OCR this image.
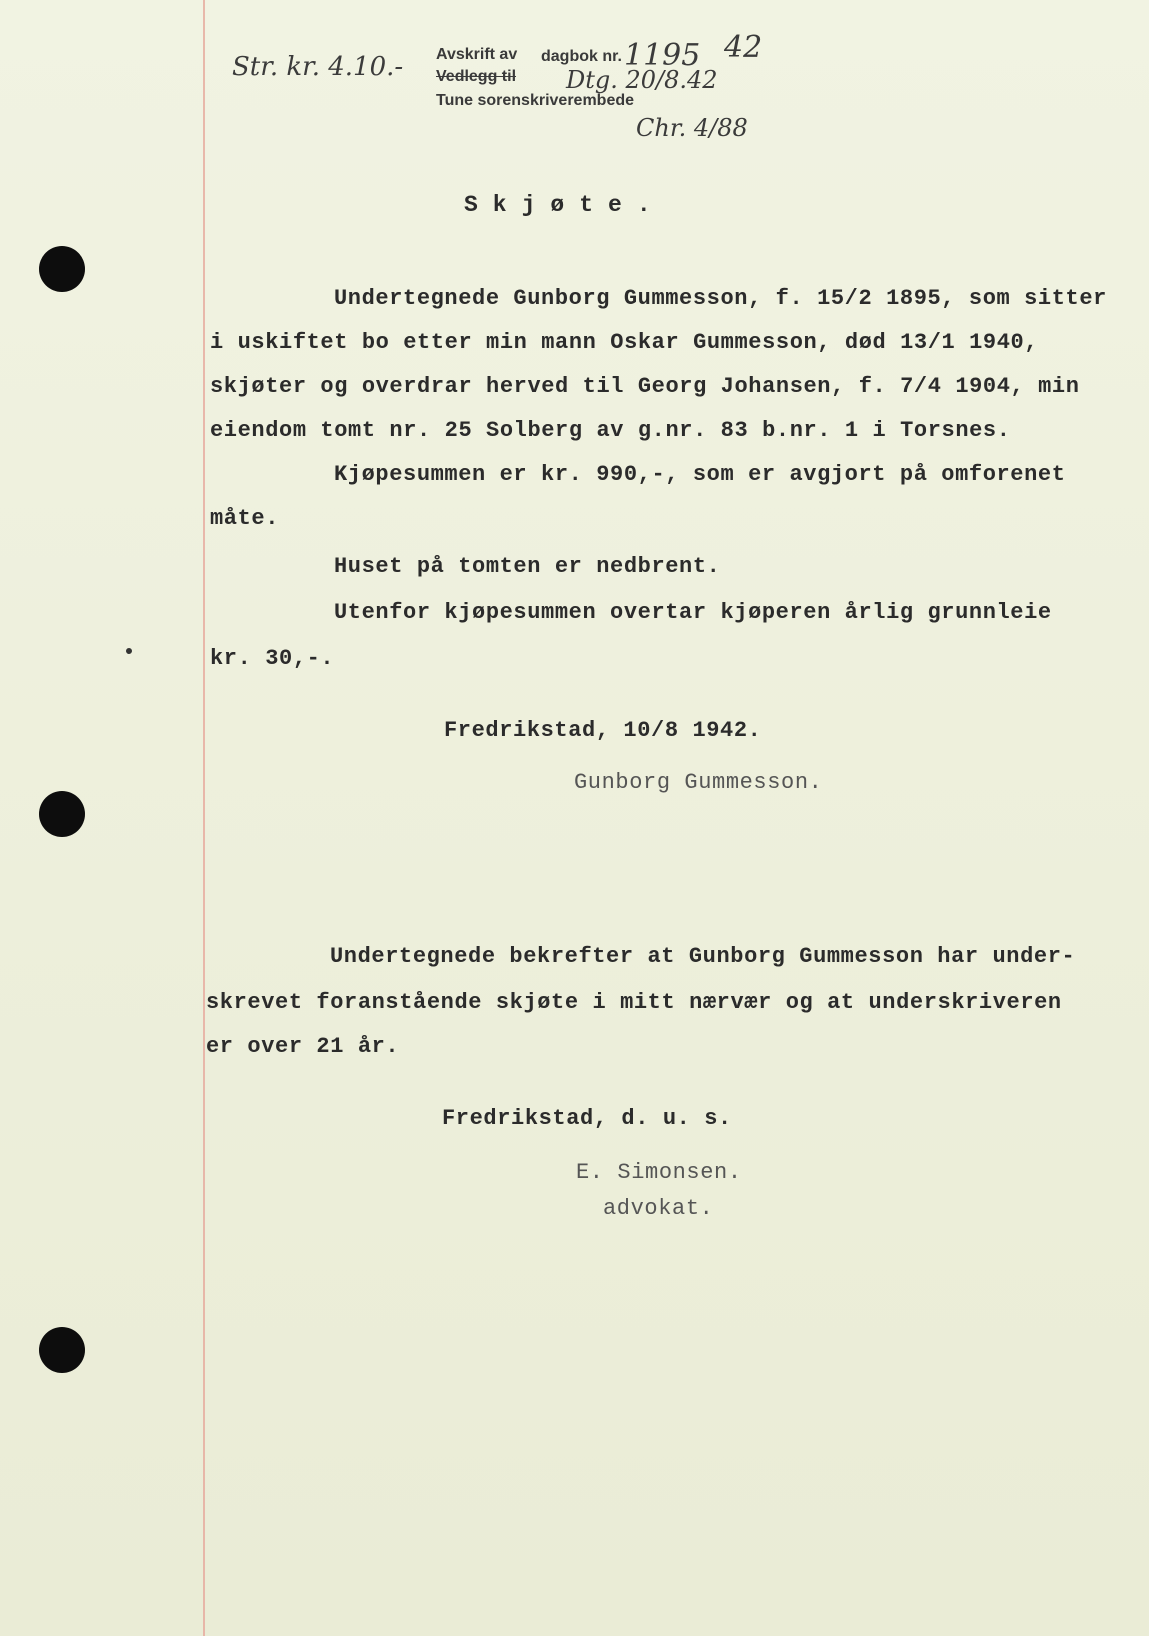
Str. kr. 4.10.- Avskrift av dagbok nr.
Vedlegg til
Tune sorenskriverembede
1195 42
Dtg. 20/8.42
Chr. 4/88
S k j ø t e .
Undertegnede Gunborg Gummesson, f. 15/2 1895, som sitter
i uskiftet bo etter min mann Oskar Gummesson, død 13/1 1940,
skjøter og overdrar herved til Georg Johansen, f. 7/4 1904, min
eiendom tomt nr. 25 Solberg av g.nr. 83 b.nr. 1 i Torsnes.
Kjøpesummen er kr. 990,-, som er avgjort på omforenet
måte.
Huset på tomten er nedbrent.
Utenfor kjøpesummen overtar kjøperen årlig grunnleie
kr. 30,-.
Fredrikstad, 10/8 1942.
Gunborg Gummesson.
Undertegnede bekrefter at Gunborg Gummesson har under-
skrevet foranstående skjøte i mitt nærvær og at underskriveren
er over 21 år.
Fredrikstad, d. u. s.
E. Simonsen.
advokat.
